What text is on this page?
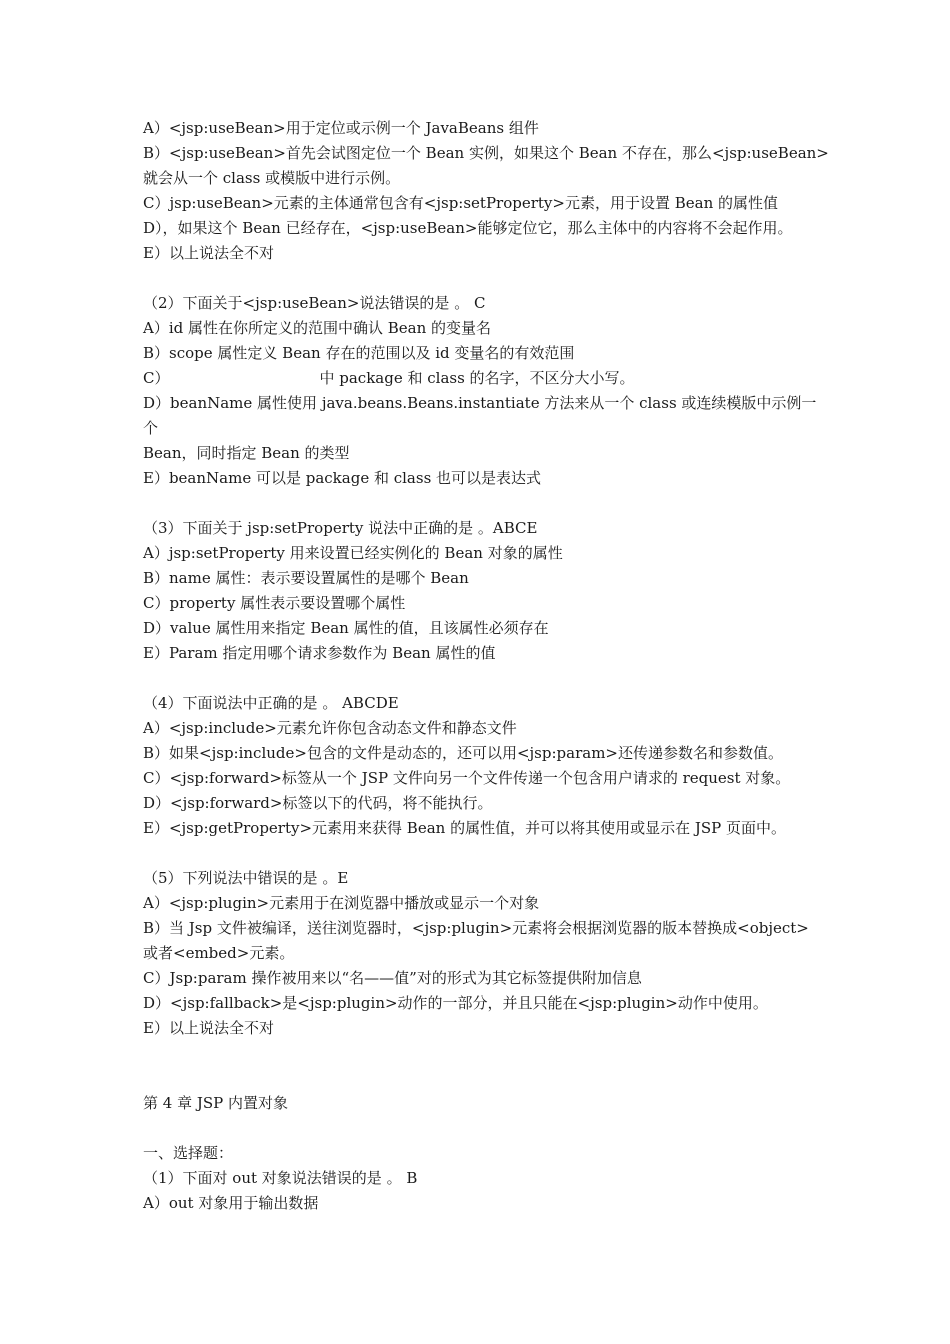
A）<jsp:useBean>用于定位或示例一个 JavaBeans 组件
B）<jsp:useBean>首先会试图定位一个 Bean 实例，如果这个 Bean 不存在，那么<jsp:useBean>
就会从一个 class 或模版中进行示例。
C）jsp:useBean>元素的主体通常包含有<jsp:setProperty>元素，用于设置 Bean 的属性值
D），如果这个 Bean 已经存在，<jsp:useBean>能够定位它，那么主体中的内容将不会起作用。
E）以上说法全不对
（2）下面关于<jsp:useBean>说法错误的是 。 C
A）id 属性在你所定义的范围中确认 Bean 的变量名
B）scope 属性定义 Bean 存在的范围以及 id 变量名的有效范围
C）	中 package 和 class 的名字，不区分大小写。
D）beanName 属性使用 java.beans.Beans.instantiate 方法来从一个 class 或连续模版中示例一
个
Bean，同时指定 Bean 的类型
E）beanName 可以是 package 和 class 也可以是表达式
（3）下面关于 jsp:setProperty 说法中正确的是 。ABCE
A）jsp:setProperty 用来设置已经实例化的 Bean 对象的属性
B）name 属性：表示要设置属性的是哪个 Bean
C）property 属性表示要设置哪个属性
D）value 属性用来指定 Bean 属性的值，且该属性必须存在
E）Param 指定用哪个请求参数作为 Bean 属性的值
（4）下面说法中正确的是 。 ABCDE
A）<jsp:include>元素允许你包含动态文件和静态文件
B）如果<jsp:include>包含的文件是动态的，还可以用<jsp:param>还传递参数名和参数值。
C）<jsp:forward>标签从一个 JSP 文件向另一个文件传递一个包含用户请求的 request 对象。
D）<jsp:forward>标签以下的代码，将不能执行。
E）<jsp:getProperty>元素用来获得 Bean 的属性值，并可以将其使用或显示在 JSP 页面中。
（5）下列说法中错误的是 。E
A）<jsp:plugin>元素用于在浏览器中播放或显示一个对象
B）当 Jsp 文件被编译，送往浏览器时，<jsp:plugin>元素将会根据浏览器的版本替换成<object>
或者<embed>元素。
C）Jsp:param 操作被用来以“名——值”对的形式为其它标签提供附加信息
D）<jsp:fallback>是<jsp:plugin>动作的一部分，并且只能在<jsp:plugin>动作中使用。
E）以上说法全不对
第 4 章 JSP 内置对象
一、选择题：
（1）下面对 out 对象说法错误的是 。 B
A）out 对象用于输出数据
